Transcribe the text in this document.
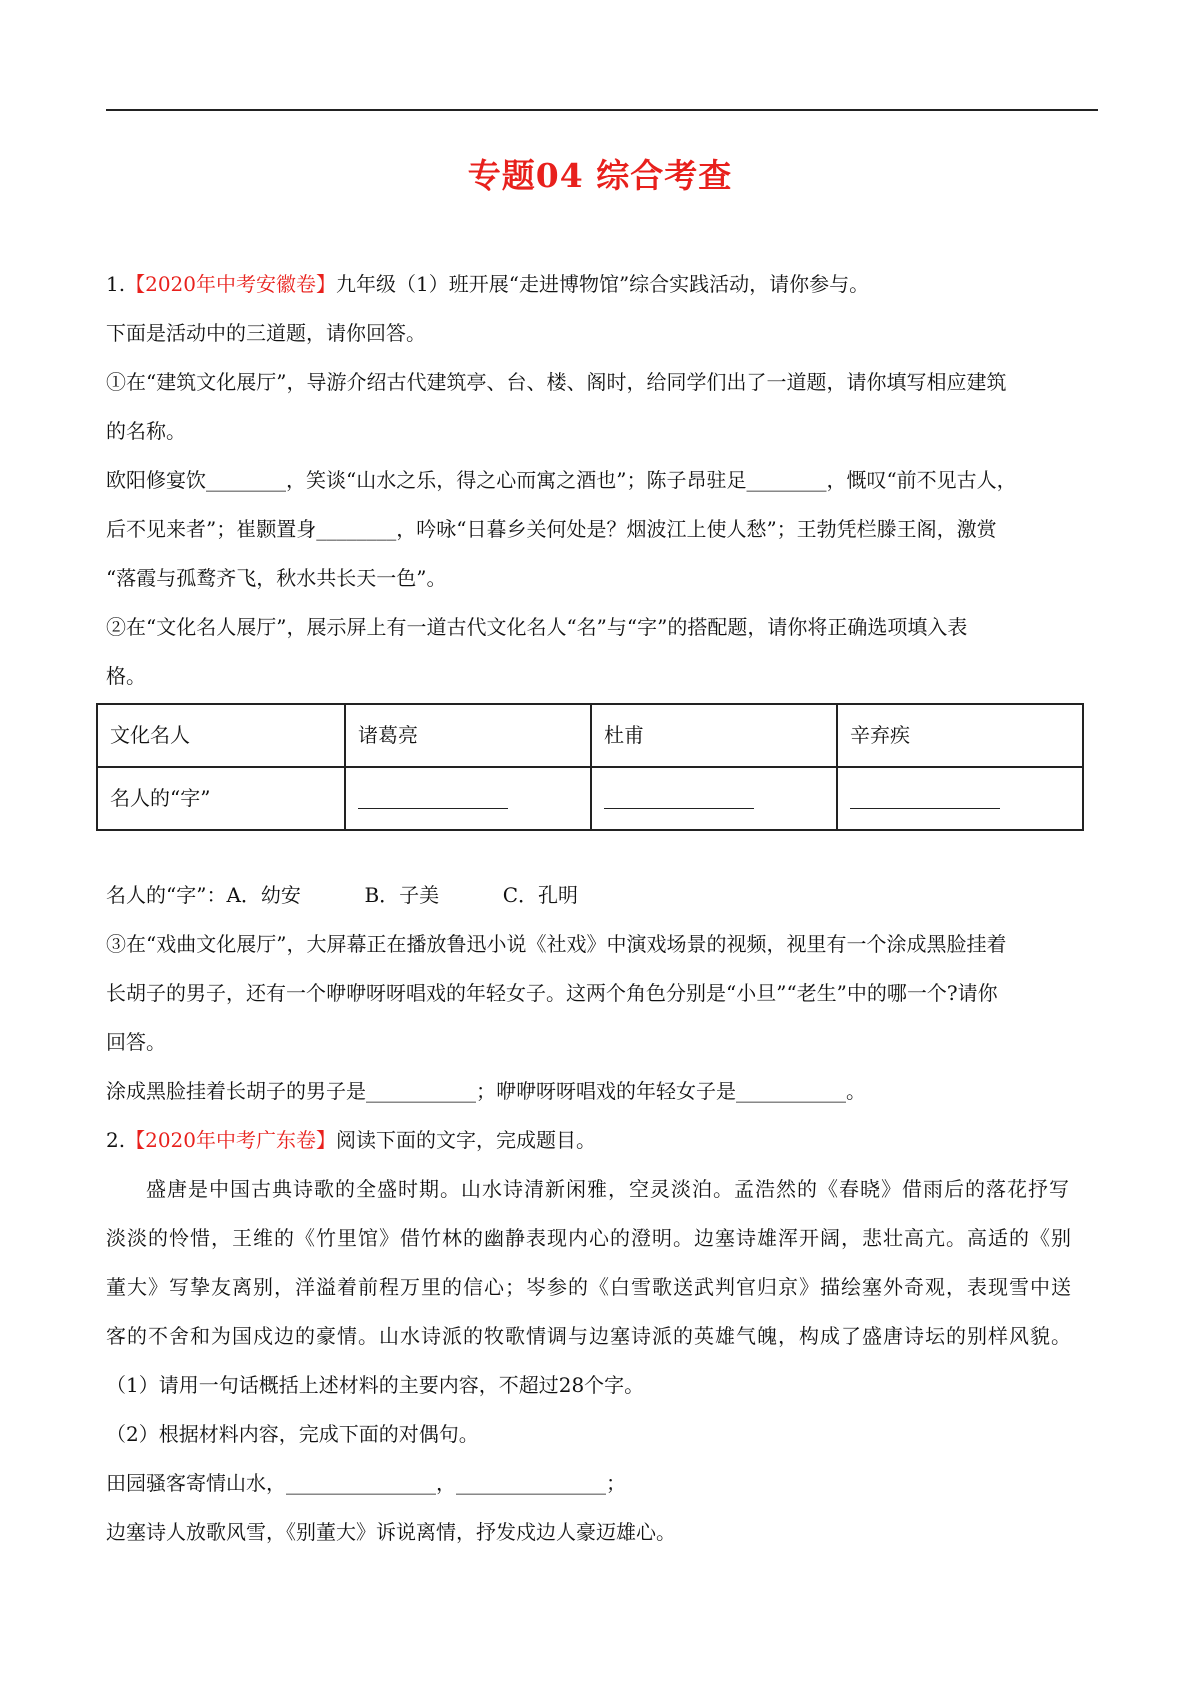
专题04 综合考查
1.【2020年中考安徽卷】九年级（1）班开展“走进博物馆”综合实践活动，请你参与。
下面是活动中的三道题，请你回答。
①在“建筑文化展厅”，导游介绍古代建筑亭、台、楼、阁时，给同学们出了一道题，请你填写相应建筑
的名称。
欧阳修宴饮________，笑谈“山水之乐，得之心而寓之酒也”；陈子昂驻足________，慨叹“前不见古人，
后不见来者”；崔颢置身________，吟咏“日暮乡关何处是？烟波江上使人愁”；王勃凭栏滕王阁，激赏
“落霞与孤鹜齐飞，秋水共长天一色”。
②在“文化名人展厅”，展示屏上有一道古代文化名人“名”与“字”的搭配题，请你将正确选项填入表
格。
文化名人	诸葛亮	杜甫	辛弃疾
名人的“字”			
名人的“字”：A．幼安          B．子美          C．孔明
③在“戏曲文化展厅”，大屏幕正在播放鲁迅小说《社戏》中演戏场景的视频，视里有一个涂成黑脸挂着
长胡子的男子，还有一个咿咿呀呀唱戏的年轻女子。这两个角色分别是“小旦”“老生”中的哪一个?请你
回答。
涂成黑脸挂着长胡子的男子是___________；咿咿呀呀唱戏的年轻女子是___________。
2.【2020年中考广东卷】阅读下面的文字，完成题目。
盛唐是中国古典诗歌的全盛时期。山水诗清新闲雅，空灵淡泊。孟浩然的《春晓》借雨后的落花抒写
淡淡的怜惜，王维的《竹里馆》借竹林的幽静表现内心的澄明。边塞诗雄浑开阔，悲壮高亢。高适的《别
董大》写挚友离别，洋溢着前程万里的信心；岑参的《白雪歌送武判官归京》描绘塞外奇观，表现雪中送
客的不舍和为国戍边的豪情。山水诗派的牧歌情调与边塞诗派的英雄气魄，构成了盛唐诗坛的别样风貌。
（1）请用一句话概括上述材料的主要内容，不超过28个字。
（2）根据材料内容，完成下面的对偶句。
田园骚客寄情山水，_______________，_______________；
边塞诗人放歌风雪，《别董大》诉说离情，抒发戍边人豪迈雄心。
